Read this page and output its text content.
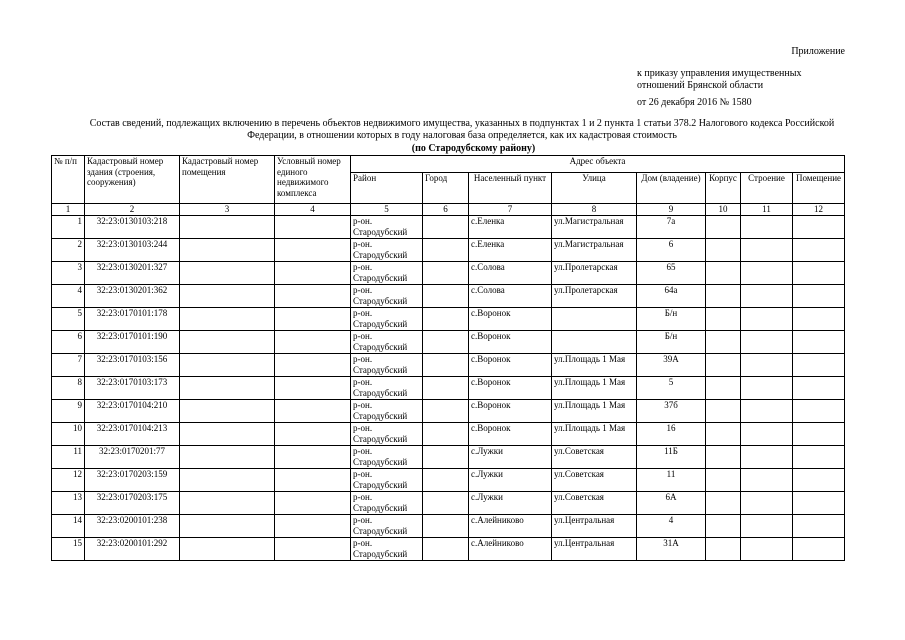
Приложение
к приказу управления имущественных
отношений Брянской области
от 26 декабря 2016 № 1580
Состав сведений, подлежащих включению в перечень объектов недвижимого имущества, указанных в подпунктах 1 и 2 пункта 1 статьи 378.2 Налогового кодекса Российской Федерации, в отношении которых в году налоговая база определяется, как их кадастровая стоимость
(по Стародубскому району)
№ п/п	Кадастровый номер здания (строения, сооружения)	Кадастровый номер помещения	Условный номер единого недвижимого комплекса	Адрес объекта							
				Район	Город	Населенный пункт	Улица	Дом (владение)	Корпус	Строение	Помещение
1	2	3	4	5	6	7	8	9	10	11	12
1	32:23:0130103:218			р-он. Стародубский		с.Еленка	ул.Магистральная	7а			
2	32:23:0130103:244			р-он. Стародубский		с.Еленка	ул.Магистральная	6			
3	32:23:0130201:327			р-он. Стародубский		с.Солова	ул.Пролетарская	65			
4	32:23:0130201:362			р-он. Стародубский		с.Солова	ул.Пролетарская	64а			
5	32:23:0170101:178			р-он. Стародубский		с.Воронок		Б/н			
6	32:23:0170101:190			р-он. Стародубский		с.Воронок		Б/н			
7	32:23:0170103:156			р-он. Стародубский		с.Воронок	ул.Площадь 1 Мая	39А			
8	32:23:0170103:173			р-он. Стародубский		с.Воронок	ул.Площадь 1 Мая	5			
9	32:23:0170104:210			р-он. Стародубский		с.Воронок	ул.Площадь 1 Мая	37б			
10	32:23:0170104:213			р-он. Стародубский		с.Воронок	ул.Площадь 1 Мая	16			
11	32:23:0170201:77			р-он. Стародубский		с.Лужки	ул.Советская	11Б			
12	32:23:0170203:159			р-он. Стародубский		с.Лужки	ул.Советская	11			
13	32:23:0170203:175			р-он. Стародубский		с.Лужки	ул.Советская	6А			
14	32:23:0200101:238			р-он. Стародубский		с.Алейниково	ул.Центральная	4			
15	32:23:0200101:292			р-он. Стародубский		с.Алейниково	ул.Центральная	31А			
